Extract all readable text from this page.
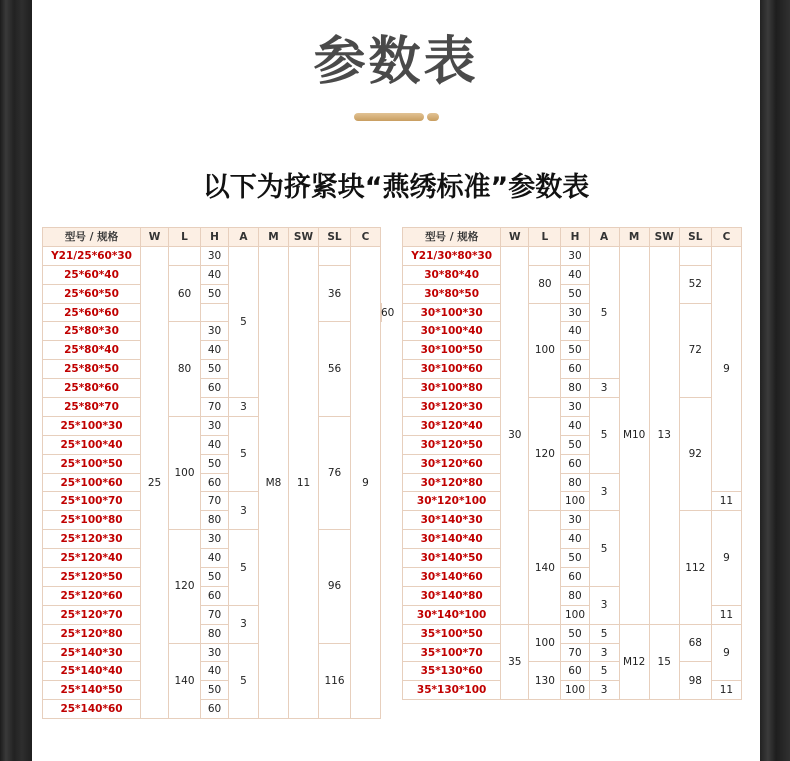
参数表
以下为挤紧块“燕绣标准”参数表
型号 / 规格	W	L	H	A	M	SW	SL	C	
Y21/25*60*30	25		30	5	M8	11		9	
25*60*40		60	40				36		
25*60*50			50						
25*60*60									60
25*80*30		80	30				56		
25*80*40			40						
25*80*50			50						
25*80*60			60						
25*80*70			70	3					
25*100*30		100	30	5			76		
25*100*40			40						
25*100*50			50						
25*100*60			60						
25*100*70			70	3					
25*100*80			80						
25*120*30		120	30	5			96		
25*120*40			40						
25*120*50			50						
25*120*60			60						
25*120*70			70	3					
25*120*80			80						
25*140*30		140	30	5			116		
25*140*40			40						
25*140*50			50						
25*140*60			60						
型号 / 规格	W	L	H	A	M	SW	SL	C
Y21/30*80*30	30		30	5	M10	13		9
30*80*40		80	40				52	
30*80*50			50					
30*100*30		100	30				72	
30*100*40			40					
30*100*50			50					
30*100*60			60					
30*100*80			80	3				
30*120*30		120	30	5			92	
30*120*40			40					
30*120*50			50					
30*120*60			60					
30*120*80			80	3				
30*120*100			100					11
30*140*30		140	30	5			112	9
30*140*40			40					
30*140*50			50					
30*140*60			60					
30*140*80			80	3				
30*140*100			100					11
35*100*50	35	100	50	5	M12	15	68	9
35*100*70			70	3				
35*130*60		130	60	5			98	
35*130*100			100	3				11
